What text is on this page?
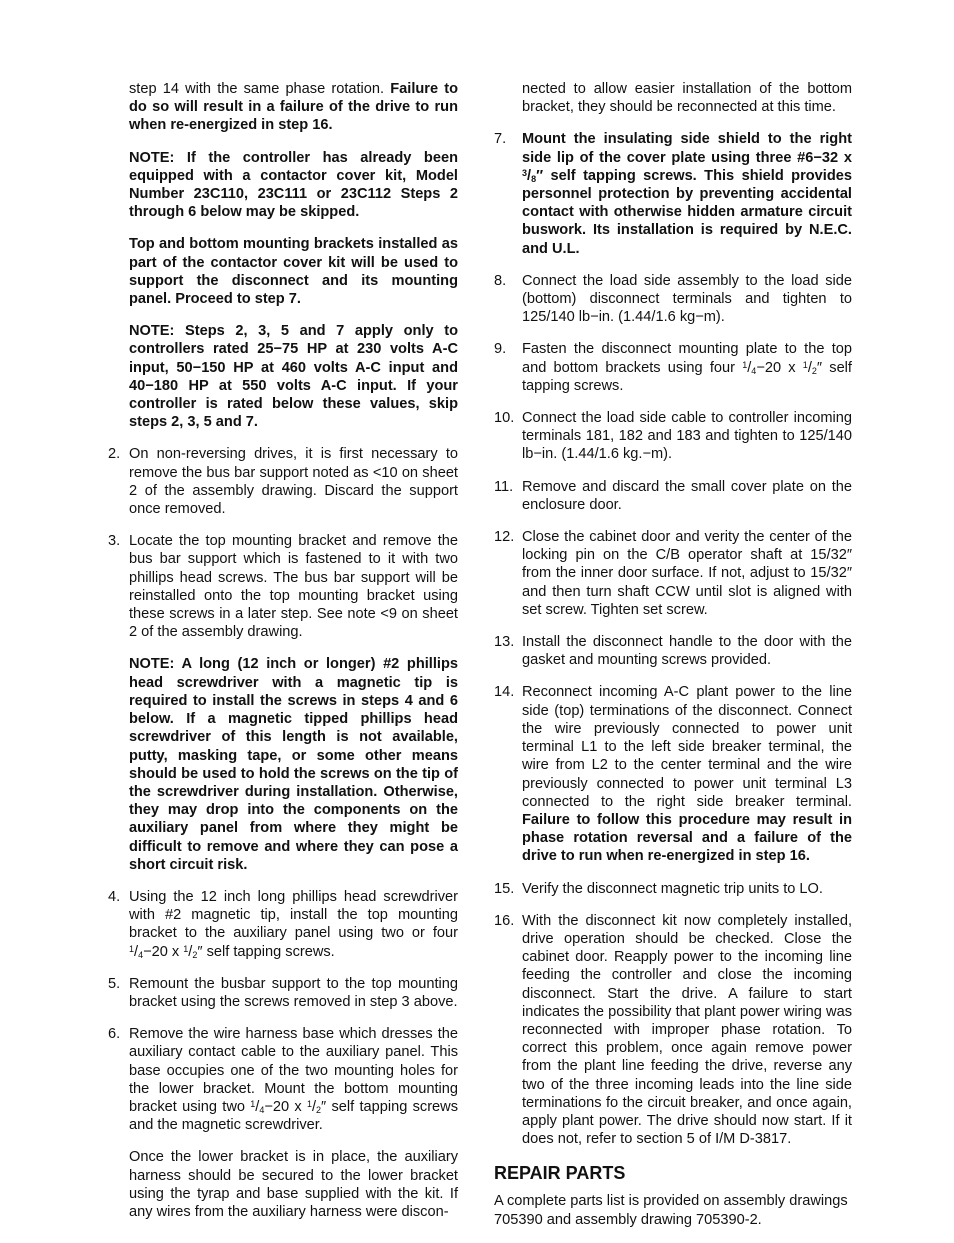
step 14 with the same phase rotation. Failure to do so will result in a failure of the drive to run when re-energized in step 16.

NOTE: If the controller has already been equipped with a contactor cover kit, Model Number 23C110, 23C111 or 23C112 Steps 2 through 6 below may be skipped.

Top and bottom mounting brackets installed as part of the contactor cover kit will be used to support the disconnect and its mounting panel. Proceed to step 7.

NOTE: Steps 2, 3, 5 and 7 apply only to controllers rated 25−75 HP at 230 volts A-C input, 50−150 HP at 460 volts A-C input and 40−180 HP at 550 volts A-C input. If your controller is rated below these values, skip steps 2, 3, 5 and 7.

2. On non-reversing drives, it is first necessary to remove the bus bar support noted as <10 on sheet 2 of the assembly drawing. Discard the support once removed.
3. Locate the top mounting bracket and remove the bus bar support which is fastened to it with two phillips head screws. The bus bar support will be reinstalled onto the top mounting bracket using these screws in a later step. See note <9 on sheet 2 of the assembly drawing.

NOTE: A long (12 inch or longer) #2 phillips head screwdriver with a magnetic tip is required to install the screws in steps 4 and 6 below. If a magnetic tipped phillips head screwdriver of this length is not available, putty, masking tape, or some other means should be used to hold the screws on the tip of the screwdriver during installation. Otherwise, they may drop into the components on the auxiliary panel from where they might be difficult to remove and where they can pose a short circuit risk.

4. Using the 12 inch long phillips head screwdriver with #2 magnetic tip, install the top mounting bracket to the auxiliary panel using two or four $^1/_4-20$ x $^1/_2''$ self tapping screws.
5. Remount the busbar support to the top mounting bracket using the screws removed in step 3 above.
6. Remove the wire harness base which dresses the auxiliary contact cable to the auxiliary panel. This base occupies one of the two mounting holes for the lower bracket. Mount the bottom mounting bracket using two $^1/_4-20$ x $^1/_2''$ self tapping screws and the magnetic screwdriver.

Once the lower bracket is in place, the auxiliary harness should be secured to the lower bracket using the tyrap and base supplied with the kit. If any wires from the auxiliary harness were discon-

nected to allow easier installation of the bottom bracket, they should be reconnected at this time.

7.	Mount the insulating side shield to the right side lip of the cover plate using three #6−32 x $^3/_8''$ self tapping screws. This shield provides personnel protection by preventing accidental contact with otherwise hidden armature circuit buswork. Its installation is required by N.E.C. and U.L.
8.	Connect the load side assembly to the load side (bottom) disconnect terminals and tighten to 125/140 lb−in. (1.44/1.6 kg−m).
9.	Fasten the disconnect mounting plate to the top and bottom brackets using four $^1/_4-20$ x $^1/_2''$ self tapping screws.
10. Connect the load side cable to controller incoming terminals 181, 182 and 183 and tighten to 125/140 lb−in. (1.44/1.6 kg.−m).
11. Remove and discard the small cover plate on the enclosure door.
12. Close the cabinet door and verity the center of the locking pin on the C/B operator shaft at 15/32″ from the inner door surface. If not, adjust to 15/32″ and then turn shaft CCW until slot is aligned with set screw. Tighten set screw.
13. Install the disconnect handle to the door with the gasket and mounting screws provided.
14. Reconnect incoming A-C plant power to the line side (top) terminations of the disconnect. Connect the wire previously connected to power unit terminal L1 to the left side breaker terminal, the wire from L2 to the center terminal and the wire previously connected to power unit terminal L3 connected to the right side breaker terminal. Failure to follow this procedure may result in phase rotation reversal and a failure of the drive to run when re-energized in step 16.
15. Verify the disconnect magnetic trip units to LO.
16. With the disconnect kit now completely installed, drive operation should be checked. Close the cabinet door. Reapply power to the incoming line feeding the controller and close the incoming disconnect. Start the drive. A failure to start indicates the possibility that plant power wiring was reconnected with improper phase rotation. To correct this problem, once again remove power from the plant line feeding the drive, reverse any two of the three incoming leads into the line side terminations fo the circuit breaker, and once again, apply plant power. The drive should now start. If it does not, refer to section 5 of I/M D-3817.
REPAIR PARTS

A complete parts list is provided on assembly drawings 705390 and assembly drawing 705390-2.
